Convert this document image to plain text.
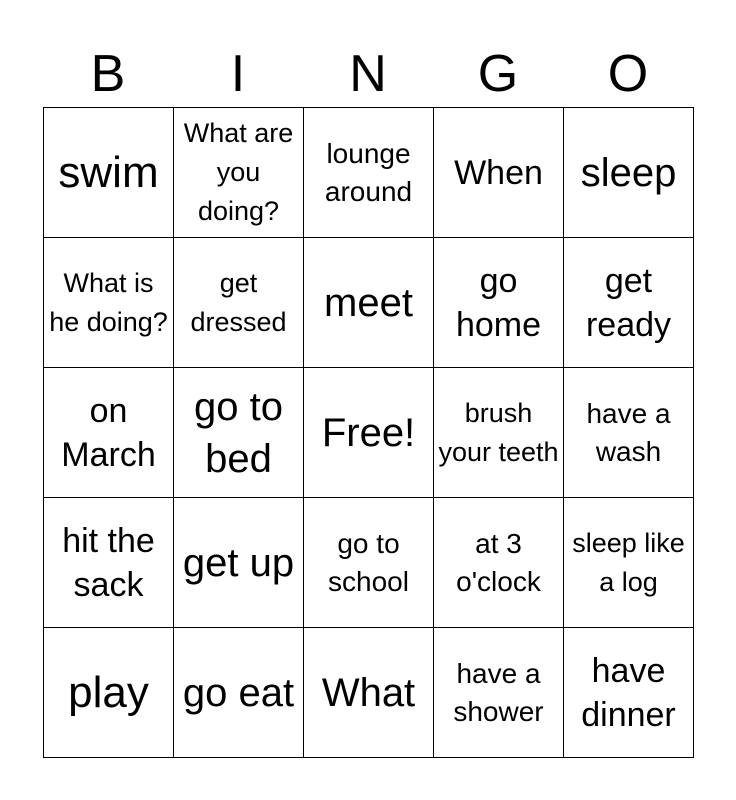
B	I	N	G	O
swim	What are you doing?	lounge around	When	sleep

What is he doing?	get dressed	meet	go home	get ready

on March	go to bed	Free!	brush your teeth	have a wash

hit the sack	get up	go to school	at 3 o'clock	sleep like a log

play	go eat	What	have a shower	have dinner
